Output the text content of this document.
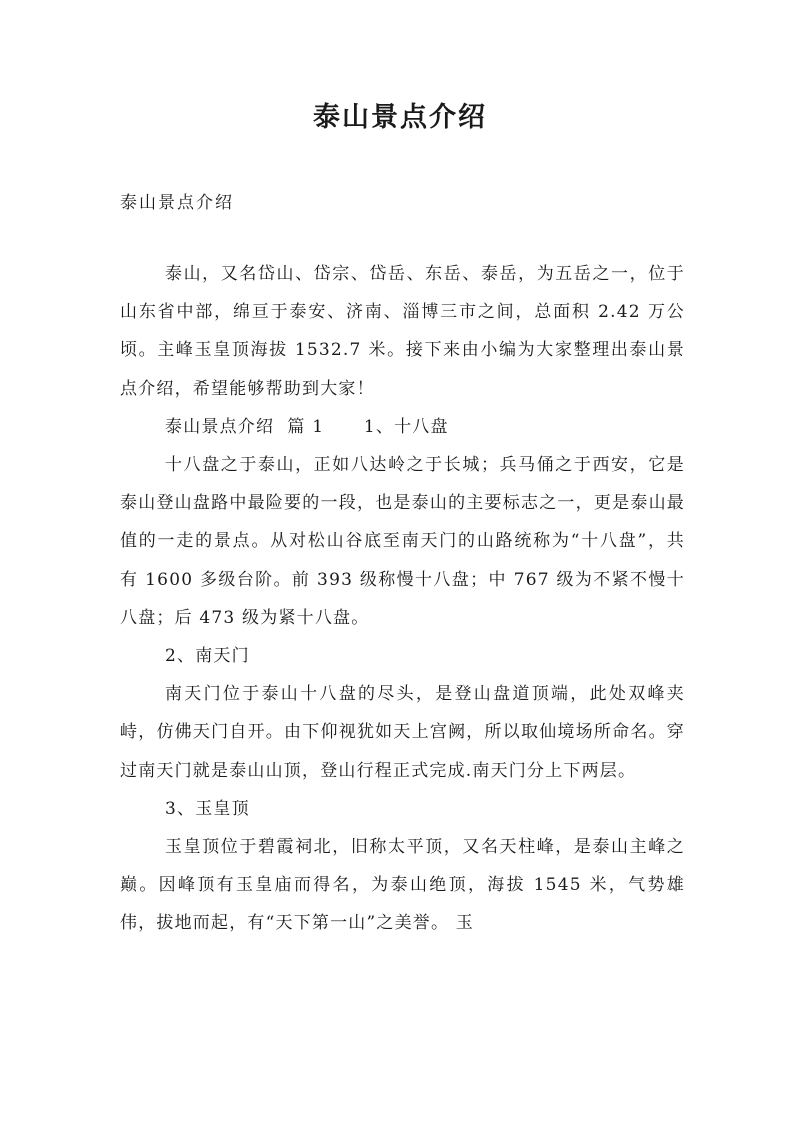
泰山景点介绍
泰山景点介绍

泰山，又名岱山、岱宗、岱岳、东岳、泰岳，为五岳之一，位于山东省中部，绵亘于泰安、济南、淄博三市之间，总面积 2.42 万公顷。主峰玉皇顶海拔 1532.7 米。接下来由小编为大家整理出泰山景点介绍，希望能够帮助到大家！

泰山景点介绍  篇 1      1、十八盘

十八盘之于泰山，正如八达岭之于长城；兵马俑之于西安，它是泰山登山盘路中最险要的一段，也是泰山的主要标志之一，更是泰山最值的一走的景点。从对松山谷底至南天门的山路统称为“十八盘”，共有 1600 多级台阶。前 393 级称慢十八盘；中 767 级为不紧不慢十八盘；后 473 级为紧十八盘。

2、南天门

南天门位于泰山十八盘的尽头，是登山盘道顶端，此处双峰夹峙，仿佛天门自开。由下仰视犹如天上宫阙，所以取仙境场所命名。穿过南天门就是泰山山顶，登山行程正式完成.南天门分上下两层。

3、玉皇顶

玉皇顶位于碧霞祠北，旧称太平顶，又名天柱峰，是泰山主峰之巅。因峰顶有玉皇庙而得名，为泰山绝顶，海拔 1545 米，气势雄伟，拔地而起，有“天下第一山”之美誉。 玉
